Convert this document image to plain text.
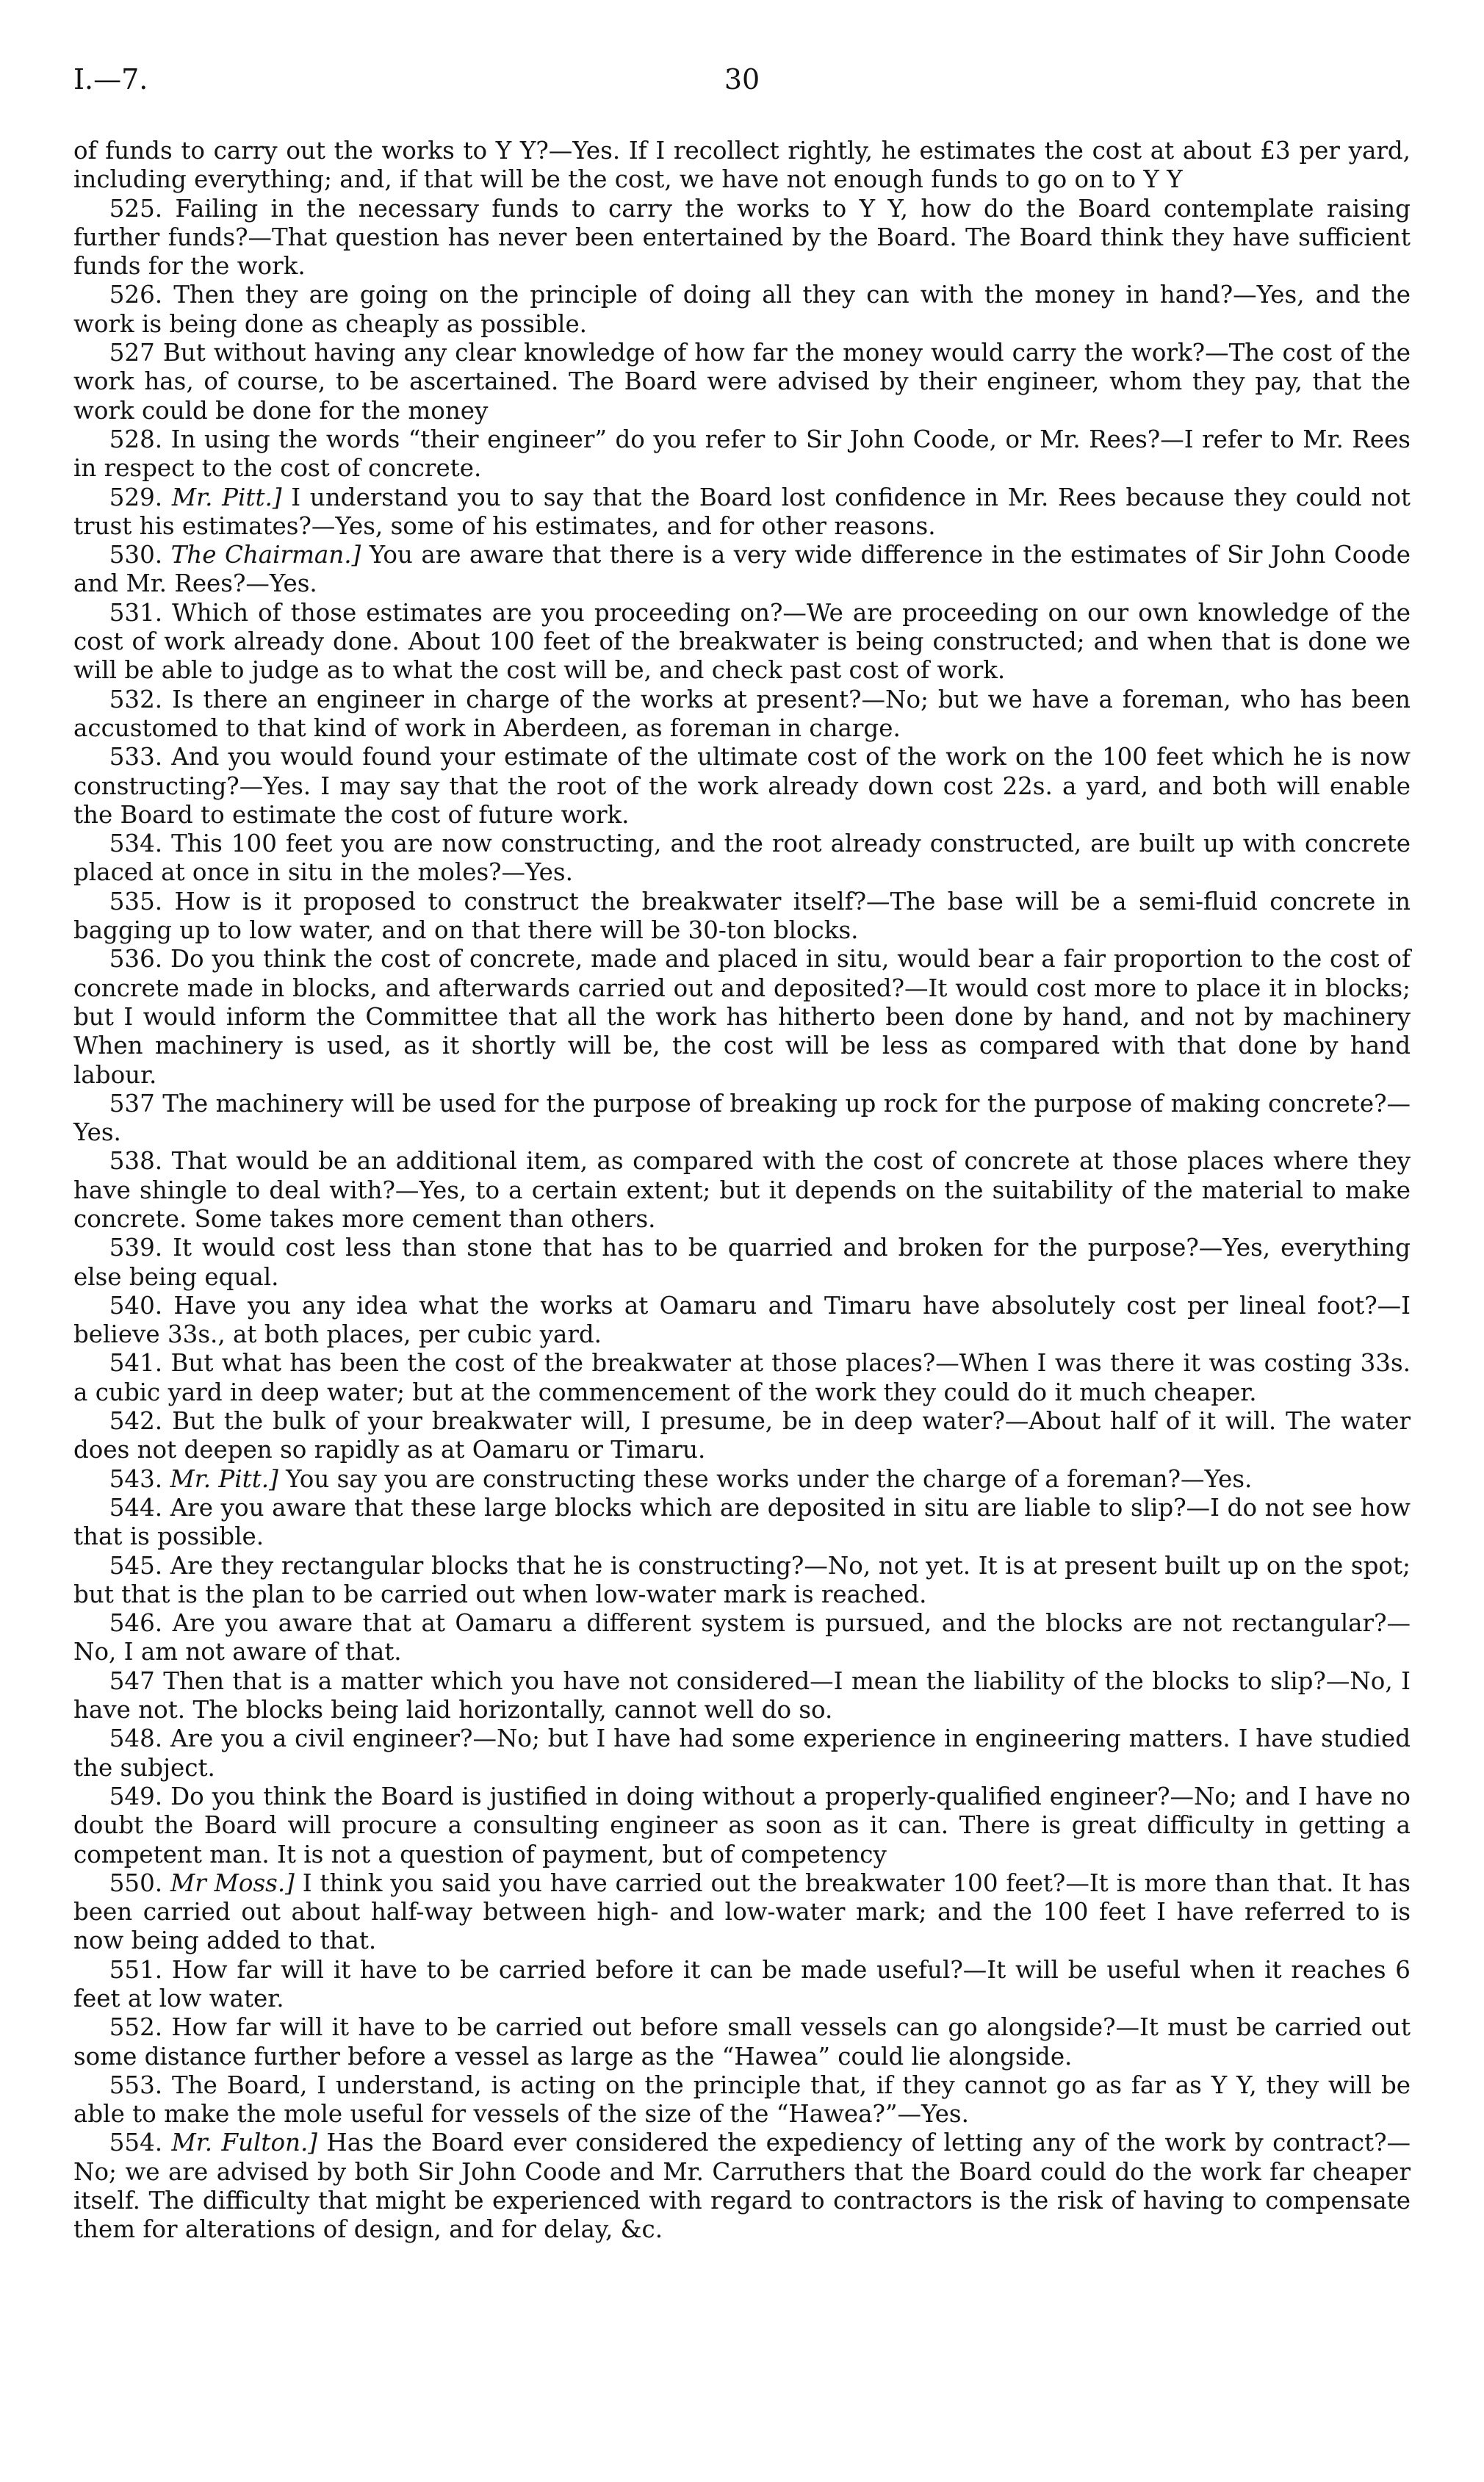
I.—7.	30

of funds to carry out the works to Y Y?—Yes. If I recollect rightly, he estimates the cost at about £3 per yard, including everything; and, if that will be the cost, we have not enough funds to go on to Y Y

525. Failing in the necessary funds to carry the works to Y Y, how do the Board contemplate raising further funds?—That question has never been entertained by the Board. The Board think they have sufficient funds for the work.

526. Then they are going on the principle of doing all they can with the money in hand?—Yes, and the work is being done as cheaply as possible.

527 But without having any clear knowledge of how far the money would carry the work?—The cost of the work has, of course, to be ascertained. The Board were advised by their engineer, whom they pay, that the work could be done for the money

528. In using the words “their engineer” do you refer to Sir John Coode, or Mr. Rees?—I refer to Mr. Rees in respect to the cost of concrete.

529. Mr. Pitt.] I understand you to say that the Board lost confidence in Mr. Rees because they could not trust his estimates?—Yes, some of his estimates, and for other reasons.

530. The Chairman.] You are aware that there is a very wide difference in the estimates of Sir John Coode and Mr. Rees?—Yes.

531. Which of those estimates are you proceeding on?—We are proceeding on our own knowledge of the cost of work already done. About 100 feet of the breakwater is being constructed; and when that is done we will be able to judge as to what the cost will be, and check past cost of work.

532. Is there an engineer in charge of the works at present?—No; but we have a foreman, who has been accustomed to that kind of work in Aberdeen, as foreman in charge.

533. And you would found your estimate of the ultimate cost of the work on the 100 feet which he is now constructing?—Yes. I may say that the root of the work already down cost 22s. a yard, and both will enable the Board to estimate the cost of future work.

534. This 100 feet you are now constructing, and the root already constructed, are built up with concrete placed at once in situ in the moles?—Yes.

535. How is it proposed to construct the breakwater itself?—The base will be a semi-fluid concrete in bagging up to low water, and on that there will be 30-ton blocks.

536. Do you think the cost of concrete, made and placed in situ, would bear a fair proportion to the cost of concrete made in blocks, and afterwards carried out and deposited?—It would cost more to place it in blocks; but I would inform the Committee that all the work has hitherto been done by hand, and not by machinery When machinery is used, as it shortly will be, the cost will be less as compared with that done by hand labour.

537 The machinery will be used for the purpose of breaking up rock for the purpose of making concrete?—Yes.

538. That would be an additional item, as compared with the cost of concrete at those places where they have shingle to deal with?—Yes, to a certain extent; but it depends on the suitability of the material to make concrete. Some takes more cement than others.

539. It would cost less than stone that has to be quarried and broken for the purpose?—Yes, everything else being equal.

540. Have you any idea what the works at Oamaru and Timaru have absolutely cost per lineal foot?—I believe 33s., at both places, per cubic yard.

541. But what has been the cost of the breakwater at those places?—When I was there it was costing 33s. a cubic yard in deep water; but at the commencement of the work they could do it much cheaper.

542. But the bulk of your breakwater will, I presume, be in deep water?—About half of it will. The water does not deepen so rapidly as at Oamaru or Timaru.

543. Mr. Pitt.] You say you are constructing these works under the charge of a foreman?—Yes.

544. Are you aware that these large blocks which are deposited in situ are liable to slip?—I do not see how that is possible.

545. Are they rectangular blocks that he is constructing?—No, not yet. It is at present built up on the spot; but that is the plan to be carried out when low-water mark is reached.

546. Are you aware that at Oamaru a different system is pursued, and the blocks are not rectangular?—No, I am not aware of that.

547 Then that is a matter which you have not considered—I mean the liability of the blocks to slip?—No, I have not. The blocks being laid horizontally, cannot well do so.

548. Are you a civil engineer?—No; but I have had some experience in engineering matters. I have studied the subject.

549. Do you think the Board is justified in doing without a properly-qualified engineer?—No; and I have no doubt the Board will procure a consulting engineer as soon as it can. There is great difficulty in getting a competent man. It is not a question of payment, but of competency

550. Mr Moss.] I think you said you have carried out the breakwater 100 feet?—It is more than that. It has been carried out about half-way between high- and low-water mark; and the 100 feet I have referred to is now being added to that.

551. How far will it have to be carried before it can be made useful?—It will be useful when it reaches 6 feet at low water.

552. How far will it have to be carried out before small vessels can go alongside?—It must be carried out some distance further before a vessel as large as the “Hawea” could lie alongside.

553. The Board, I understand, is acting on the principle that, if they cannot go as far as Y Y, they will be able to make the mole useful for vessels of the size of the “Hawea?”—Yes.

554. Mr. Fulton.] Has the Board ever considered the expediency of letting any of the work by contract?—No; we are advised by both Sir John Coode and Mr. Carruthers that the Board could do the work far cheaper itself. The difficulty that might be experienced with regard to contractors is the risk of having to compensate them for alterations of design, and for delay, &c.
